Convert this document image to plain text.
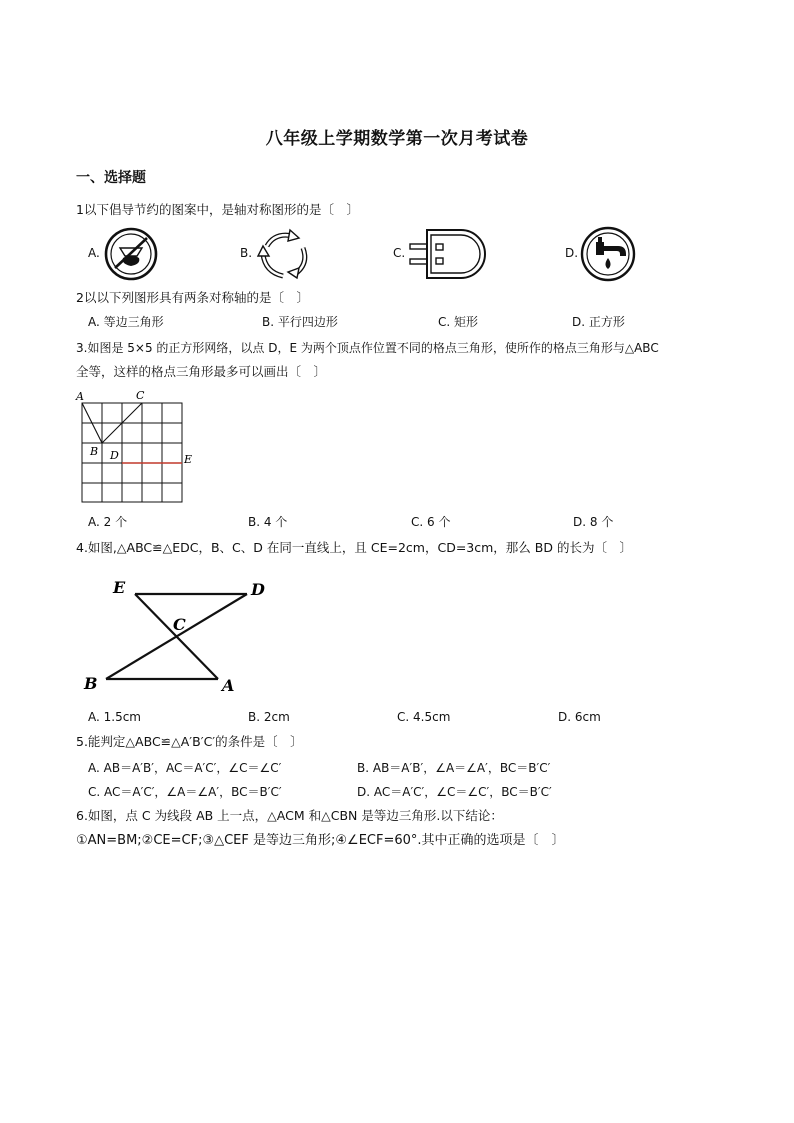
八年级上学期数学第一次月考试卷
一、选择题
1以下倡导节约的图案中，是轴对称图形的是〔　〕
A.	B.	C.	D.
2以以下列图形具有两条对称轴的是〔　〕
A. 等边三角形	B. 平行四边形	C. 矩形	D. 正方形
3.如图是 5×5 的正方形网络，以点 D，E 为两个顶点作位置不同的格点三角形，使所作的格点三角形与△ABC
全等，这样的格点三角形最多可以画出〔　〕
A	C
B D	E
A. 2 个	B. 4 个	C. 6 个	D. 8 个
4.如图,△ABC≌△EDC，B、C、D 在同一直线上，且 CE=2cm，CD=3cm，那么 BD 的长为〔　〕
E	D
C
B	A
A. 1.5cm	B. 2cm	C. 4.5cm	D. 6cm
5.能判定△ABC≌△A′B′C′的条件是〔　〕
A. AB＝A′B′，AC＝A′C′，∠C＝∠C′	B. AB＝A′B′，∠A＝∠A′，BC＝B′C′
C. AC＝A′C′，∠A＝∠A′，BC＝B′C′	D. AC＝A′C′，∠C＝∠C′，BC＝B′C′
6.如图，点 C 为线段 AB 上一点，△ACM 和△CBN 是等边三角形.以下结论：
①AN=BM;②CE=CF;③△CEF 是等边三角形;④∠ECF=60°.其中正确的选项是〔　〕
